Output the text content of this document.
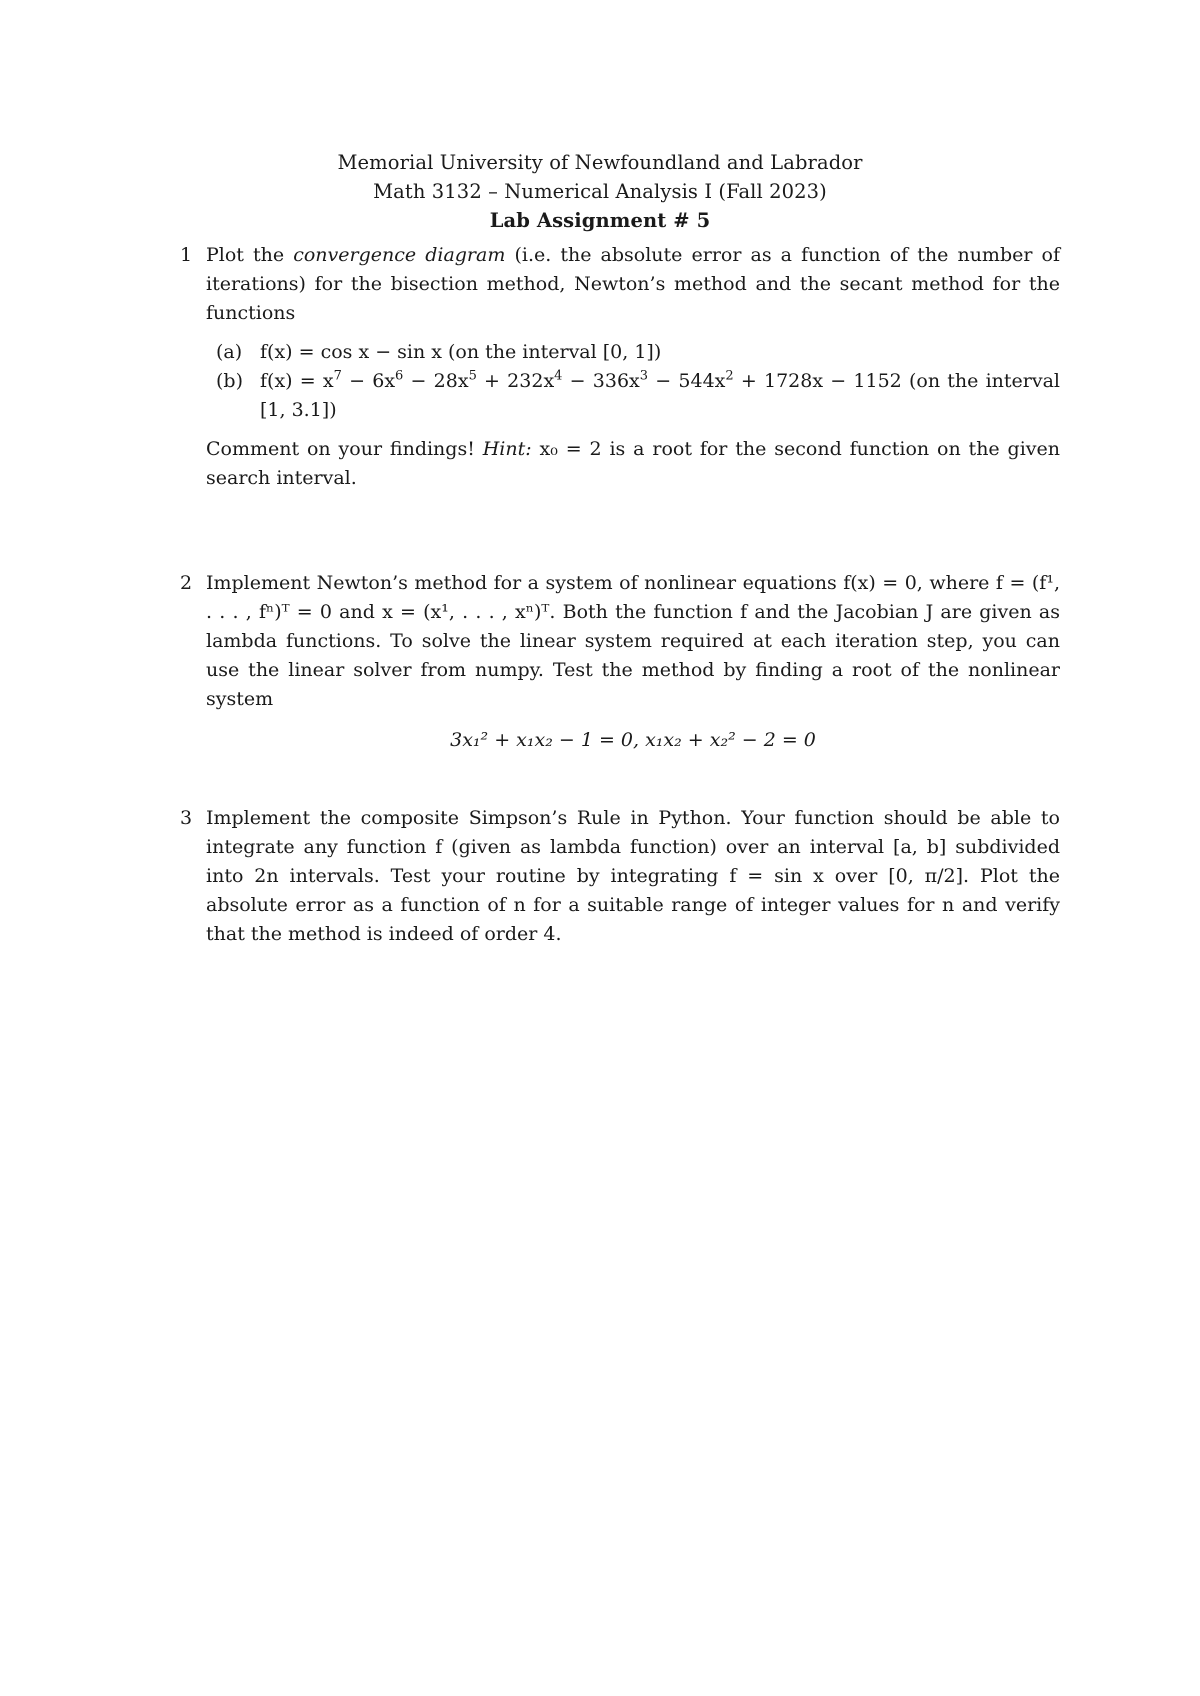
Memorial University of Newfoundland and Labrador
Math 3132 – Numerical Analysis I (Fall 2023)
Lab Assignment # 5
1 Plot the convergence diagram (i.e. the absolute error as a function of the number of iterations) for the bisection method, Newton’s method and the secant method for the functions

(a) f(x) = cos x − sin x (on the interval [0, 1])

(b) $f(x) = x^7 - 6x^6 - 28x^5 + 232x^4 - 336x^3 - 544x^2 + 1728x - 1152$ (on the interval [1, 3.1])

Comment on your findings! Hint: x₀ = 2 is a root for the second function on the given search interval.

2 Implement Newton’s method for a system of nonlinear equations f(x) = 0, where f = (f¹, . . . , fⁿ)ᵀ = 0 and x = (x¹, . . . , xⁿ)ᵀ. Both the function f and the Jacobian J are given as lambda functions. To solve the linear system required at each iteration step, you can use the linear solver from numpy. Test the method by finding a root of the nonlinear system

3x₁² + x₁x₂ − 1 = 0, x₁x₂ + x₂² − 2 = 0

3 Implement the composite Simpson’s Rule in Python. Your function should be able to integrate any function f (given as lambda function) over an interval [a, b] subdivided into 2n intervals. Test your routine by integrating f = sin x over [0, π/2]. Plot the absolute error as a function of n for a suitable range of integer values for n and verify that the method is indeed of order 4.
